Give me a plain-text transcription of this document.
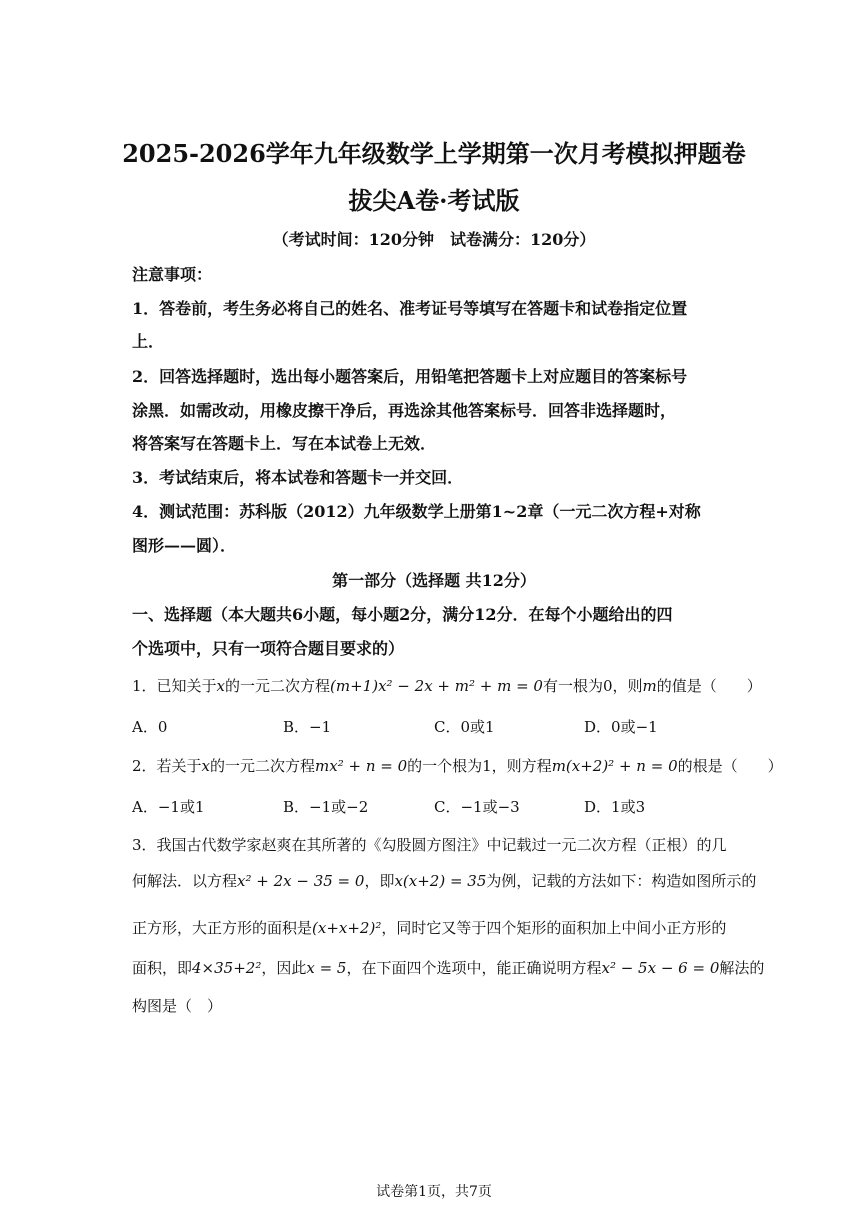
2025-2026学年九年级数学上学期第一次月考模拟押题卷
拔尖A卷·考试版
（考试时间：120分钟　试卷满分：120分）
注意事项：
1．答卷前，考生务必将自己的姓名、准考证号等填写在答题卡和试卷指定位置
上．
2．回答选择题时，选出每小题答案后，用铅笔把答题卡上对应题目的答案标号
涂黑．如需改动，用橡皮擦干净后，再选涂其他答案标号．回答非选择题时，
将答案写在答题卡上．写在本试卷上无效．
3．考试结束后，将本试卷和答题卡一并交回．
4．测试范围：苏科版（2012）九年级数学上册第1~2章（一元二次方程+对称
图形——圆）．
第一部分（选择题 共12分）
一、选择题（本大题共6小题，每小题2分，满分12分．在每个小题给出的四
个选项中，只有一项符合题目要求的）
1．已知关于x的一元二次方程(m+1)x² − 2x + m² + m = 0有一根为0，则m的值是（　　）
A．0	B．−1	C．0或1	D．0或−1
2．若关于x的一元二次方程mx² + n = 0的一个根为1，则方程m(x+2)² + n = 0的根是（　　）
A．−1或1	B．−1或−2	C．−1或−3	D．1或3
3．我国古代数学家赵爽在其所著的《勾股圆方图注》中记载过一元二次方程（正根）的几
何解法．以方程x² + 2x − 35 = 0，即x(x+2) = 35为例，记载的方法如下：构造如图所示的
正方形，大正方形的面积是(x+x+2)²，同时它又等于四个矩形的面积加上中间小正方形的
面积，即4×35+2²，因此x = 5，在下面四个选项中，能正确说明方程x² − 5x − 6 = 0解法的
构图是（　）
试卷第1页，共7页
